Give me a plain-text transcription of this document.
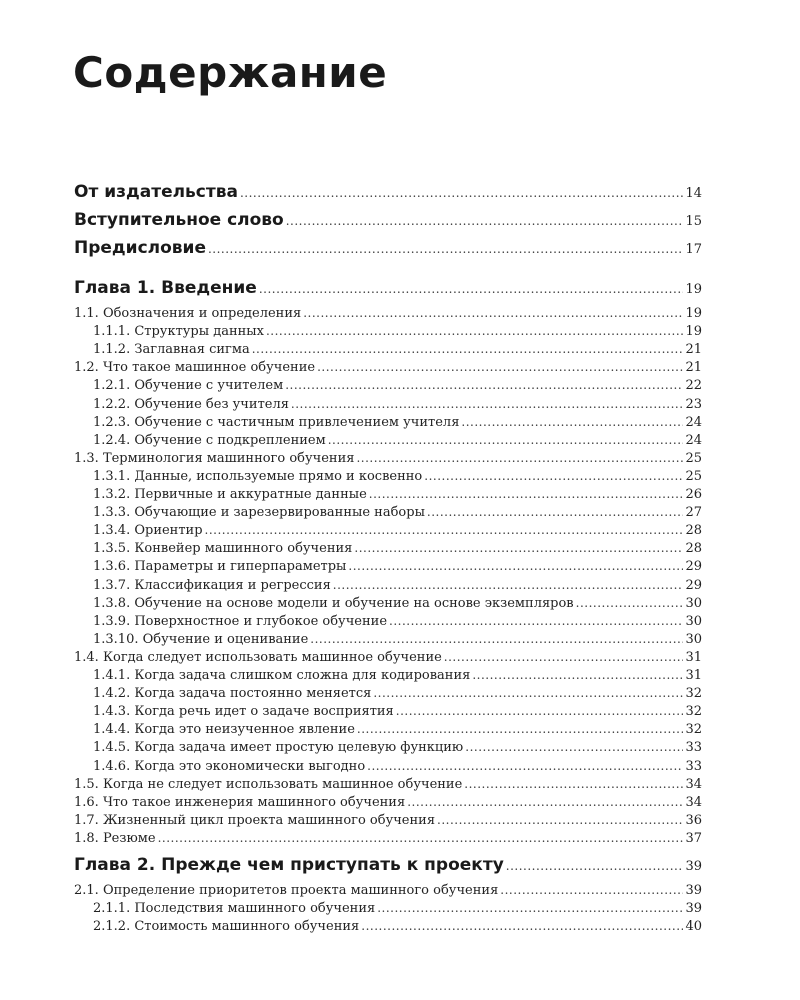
Содержание
От издательства .....	14
Вступительное слово .....	15
Предисловие .....	17
Глава 1. Введение .....	19
1.1. Обозначения и определения .....	19
1.1.1. Структуры данных .....	19
1.1.2. Заглавная сигма .....	21
1.2. Что такое машинное обучение .....	21
1.2.1. Обучение с учителем .....	22
1.2.2. Обучение без учителя .....	23
1.2.3. Обучение с частичным привлечением учителя .....	24
1.2.4. Обучение с подкреплением .....	24
1.3. Терминология машинного обучения .....	25
1.3.1. Данные, используемые прямо и косвенно .....	25
1.3.2. Первичные и аккуратные данные .....	26
1.3.3. Обучающие и зарезервированные наборы .....	27
1.3.4. Ориентир .....	28
1.3.5. Конвейер машинного обучения .....	28
1.3.6. Параметры и гиперпараметры .....	29
1.3.7. Классификация и регрессия .....	29
1.3.8. Обучение на основе модели и обучение на основе экземпляров .....	30
1.3.9. Поверхностное и глубокое обучение .....	30
1.3.10. Обучение и оценивание .....	30
1.4. Когда следует использовать машинное обучение .....	31
1.4.1. Когда задача слишком сложна для кодирования .....	31
1.4.2. Когда задача постоянно меняется .....	32
1.4.3. Когда речь идет о задаче восприятия .....	32
1.4.4. Когда это неизученное явление .....	32
1.4.5. Когда задача имеет простую целевую функцию .....	33
1.4.6. Когда это экономически выгодно .....	33
1.5. Когда не следует использовать машинное обучение .....	34
1.6. Что такое инженерия машинного обучения .....	34
1.7. Жизненный цикл проекта машинного обучения .....	36
1.8. Резюме .....	37
Глава 2. Прежде чем приступать к проекту .....	39
2.1. Определение приоритетов проекта машинного обучения .....	39
2.1.1. Последствия машинного обучения .....	39
2.1.2. Стоимость машинного обучения .....	40
